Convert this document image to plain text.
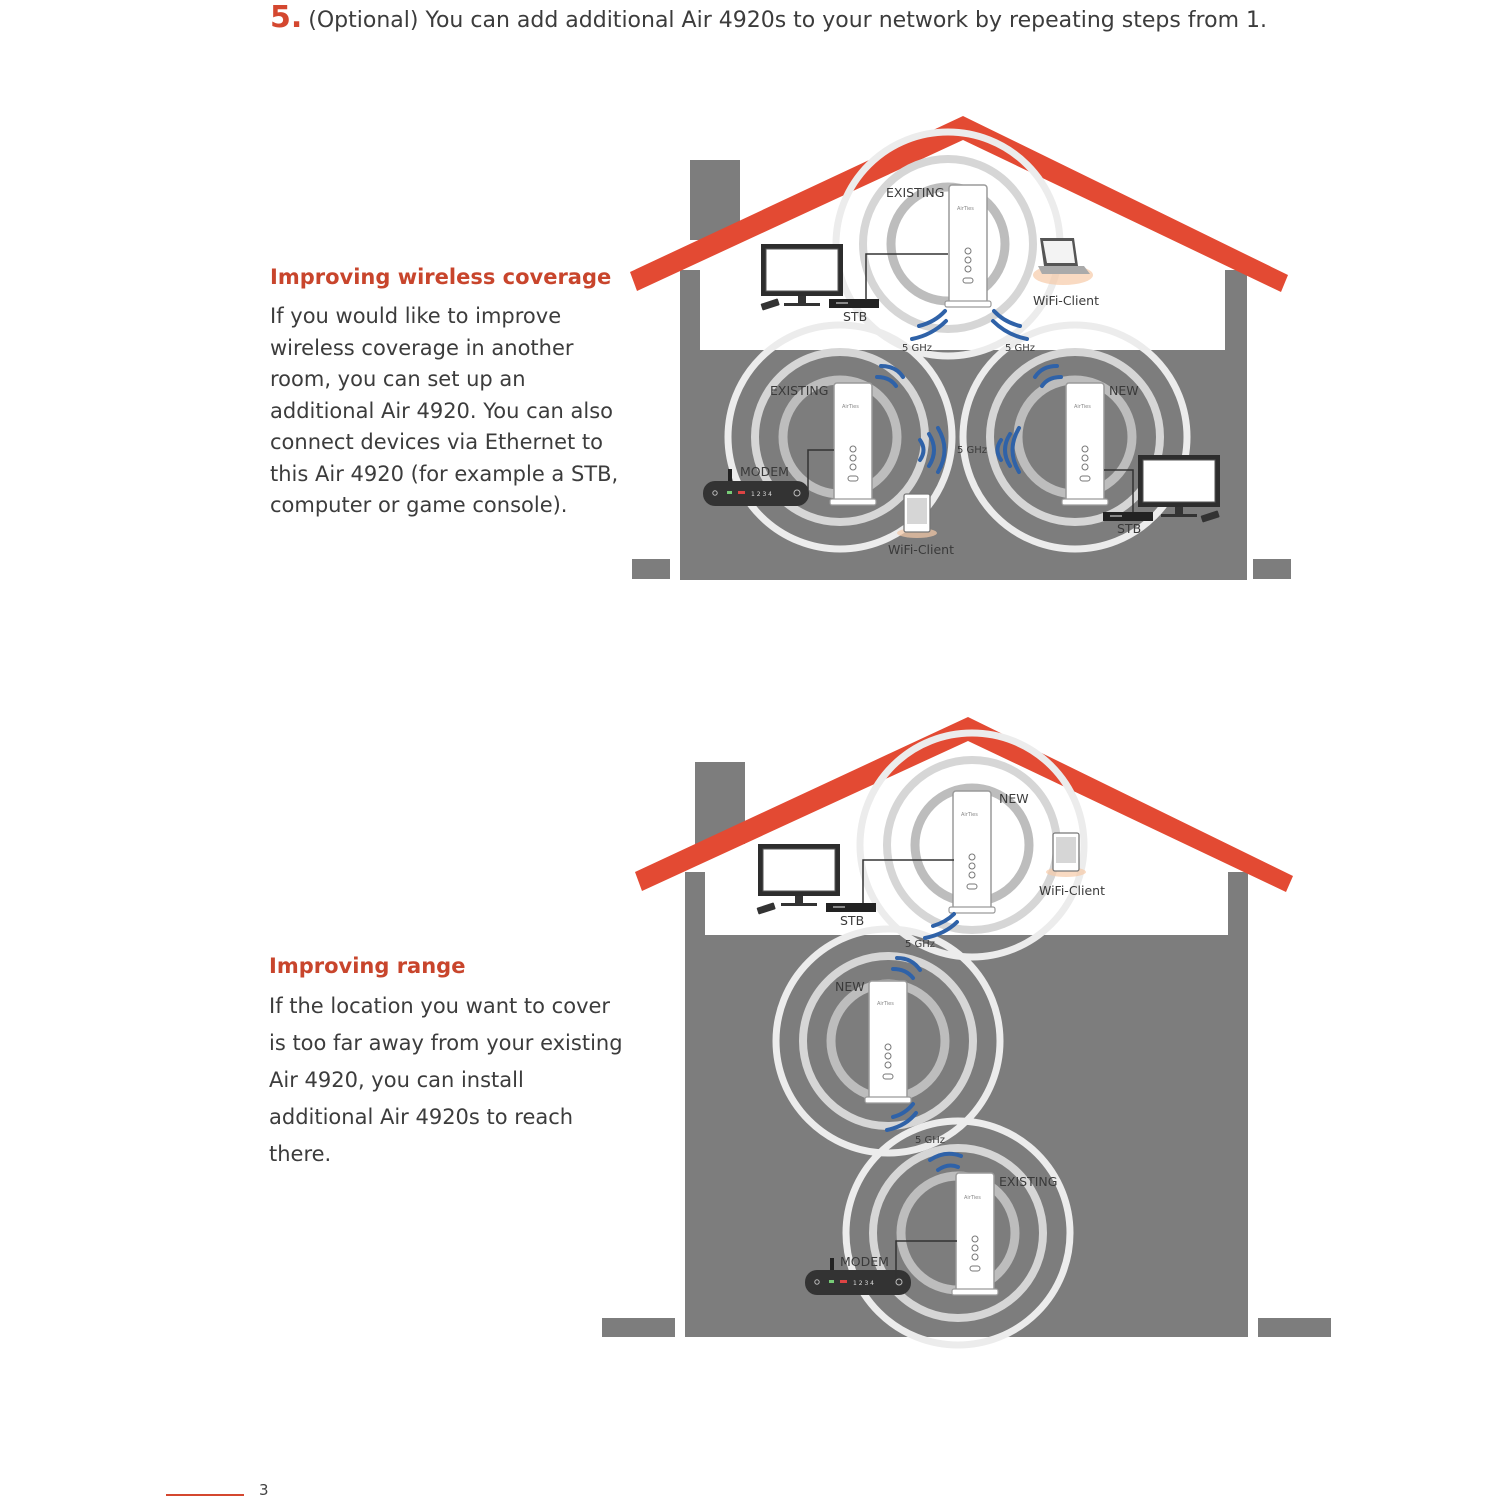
5. (Optional) You can add additional Air 4920s to your network by repeating steps from 1.
Improving wireless coverage
If you would like to improve
wireless coverage in another
room, you can set up an
additional Air 4920. You can also
connect devices via Ethernet to
this Air 4920 (for example a STB,
computer or game console).
Improving range
If the location you want to cover
is too far away from your existing
Air 4920, you can install
additional Air 4920s to reach
there.
AirTies
AirTies	AirTies
EXISTING
EXISTING	NEW
STB
STB
WiFi-Client
WiFi-Client
MODEM
5 GHz	5 GHz
5 GHz
1 2 3 4
AirTies
AirTies
AirTies
NEW
NEW
EXISTING
STB
WiFi-Client
MODEM
5 GHz
5 GHz
1 2 3 4
3
